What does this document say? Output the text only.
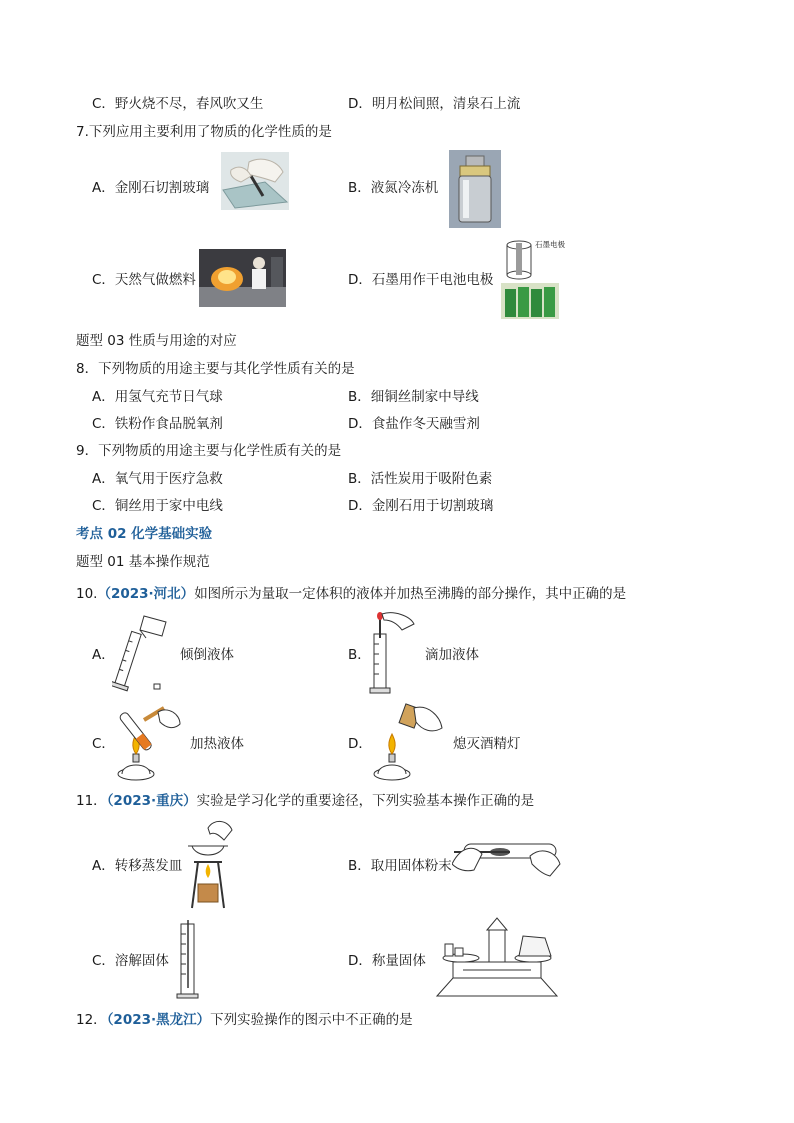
C．野火烧不尽，春风吹又生	D．明月松间照，清泉石上流
7.下列应用主要利用了物质的化学性质的是
A．金刚石切割玻璃	B．液氮冷冻机
C．天然气做燃料	D．石墨用作干电池电极
石墨电极
题型 03 性质与用途的对应
8．下列物质的用途主要与其化学性质有关的是
A．用氢气充节日气球	B．细铜丝制家中导线
C．铁粉作食品脱氧剂	D．食盐作冬天融雪剂
9．下列物质的用途主要与化学性质有关的是
A．氧气用于医疗急救	B．活性炭用于吸附色素
C．铜丝用于家中电线	D．金刚石用于切割玻璃
考点 02 化学基础实验
题型 01 基本操作规范
10.（2023·河北）如图所示为量取一定体积的液体并加热至沸腾的部分操作，其中正确的是
A．	倾倒液体	B．	滴加液体
C．	加热液体	D．	熄灭酒精灯
11．（2023·重庆）实验是学习化学的重要途径，下列实验基本操作正确的是
A．转移蒸发皿	B．取用固体粉末
C．溶解固体	D．称量固体
12．（2023·黑龙江）下列实验操作的图示中不正确的是
